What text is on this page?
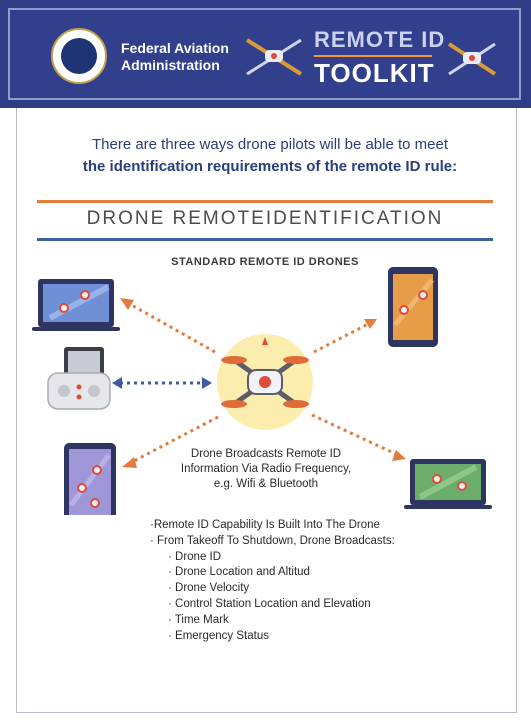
Federal Aviation
Administration
REMOTE ID
TOOLKIT
There are three ways drone pilots will be able to meet
the identification requirements of the remote ID rule:
DRONE REMOTEIDENTIFICATION
STANDARD REMOTE ID DRONES
Drone Broadcasts Remote ID
Information Via Radio Frequency,
e.g. Wifi & Bluetooth
·Remote ID Capability Is Built Into The Drone
· From Takeoff To Shutdown, Drone Broadcasts:
· Drone ID
· Drone Location and Altitud
· Drone Velocity
· Control Station Location and Elevation
· Time Mark
· Emergency Status
